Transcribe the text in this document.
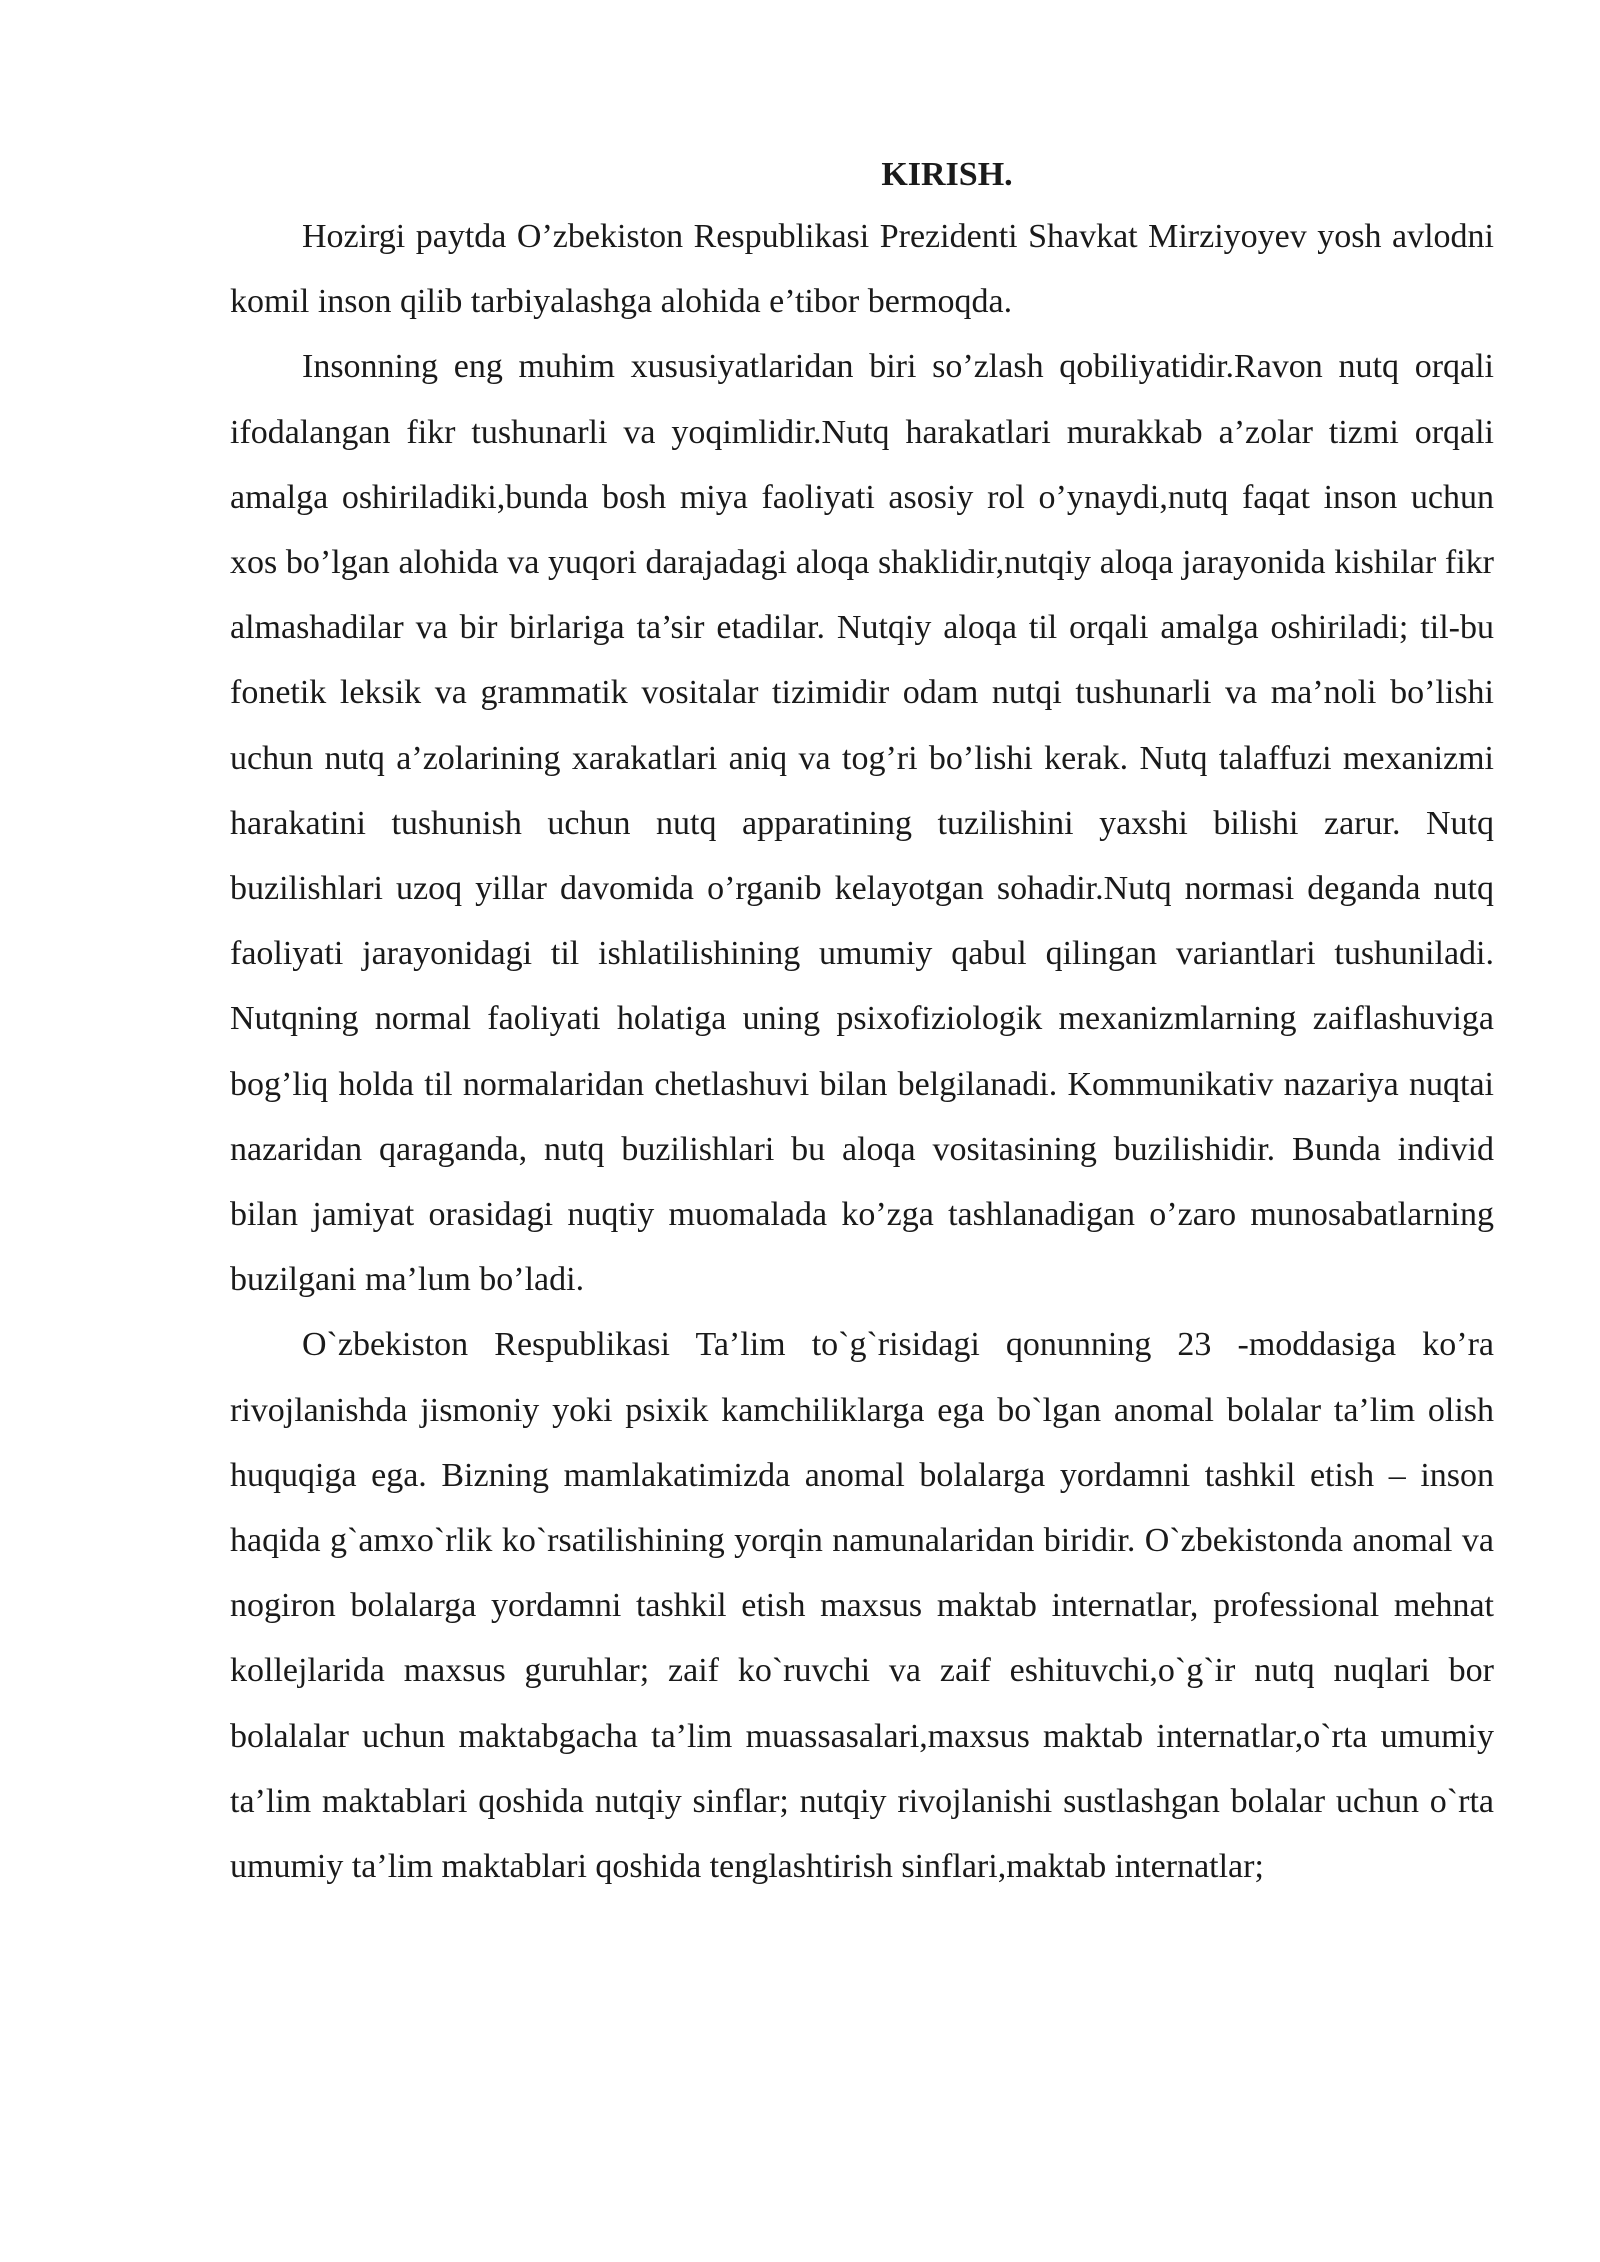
KIRISH.

Hozirgi paytda O’zbekiston Respublikasi Prezidenti Shavkat Mirziyoyev yosh avlodni komil inson qilib tarbiyalashga alohida e’tibor bermoqda.

Insonning eng muhim xususiyatlaridan biri so’zlash qobiliyatidir.Ravon nutq orqali ifodalangan fikr tushunarli va yoqimlidir.Nutq harakatlari murakkab a’zolar tizmi orqali amalga oshiriladiki,bunda bosh miya faoliyati asosiy rol o’ynaydi,nutq faqat inson uchun xos bo’lgan alohida va yuqori darajadagi aloqa shaklidir,nutqiy aloqa jarayonida kishilar fikr almashadilar va bir birlariga ta’sir etadilar. Nutqiy aloqa til orqali amalga oshiriladi; til-bu fonetik leksik va grammatik vositalar tizimidir odam nutqi tushunarli va ma’noli bo’lishi uchun nutq a’zolarining xarakatlari aniq va tog’ri bo’lishi kerak. Nutq talaffuzi mexanizmi harakatini tushunish uchun nutq apparatining tuzilishini yaxshi bilishi zarur. Nutq buzilishlari uzoq yillar davomida o’rganib kelayotgan sohadir.Nutq normasi deganda nutq faoliyati jarayonidagi til ishlatilishining umumiy qabul qilingan variantlari tushuniladi. Nutqning normal faoliyati holatiga uning psixofiziologik mexanizmlarning zaiflashuviga bog’liq holda til normalaridan chetlashuvi bilan belgilanadi. Kommunikativ nazariya nuqtai nazaridan qaraganda, nutq buzilishlari bu aloqa vositasining buzilishidir. Bunda individ bilan jamiyat orasidagi nuqtiy muomalada ko’zga tashlanadigan o’zaro munosabatlarning buzilgani ma’lum bo’ladi.

O`zbekiston Respublikasi Ta’lim to`g`risidagi qonunning 23 -moddasiga ko’ra rivojlanishda jismoniy yoki psixik kamchiliklarga ega bo`lgan anomal bolalar ta’lim olish huquqiga ega. Bizning mamlakatimizda anomal bolalarga yordamni tashkil etish – inson haqida g`amxo`rlik ko`rsatilishining yorqin namunalaridan biridir. O`zbekistonda anomal va nogiron bolalarga yordamni tashkil etish maxsus maktab internatlar, professional mehnat kollejlarida maxsus guruhlar; zaif ko`ruvchi va zaif eshituvchi,o`g`ir nutq nuqlari bor bolalalar uchun maktabgacha ta’lim muassasalari,maxsus maktab internatlar,o`rta umumiy ta’lim maktablari qoshida nutqiy sinflar; nutqiy rivojlanishi sustlashgan bolalar uchun o`rta umumiy ta’lim maktablari qoshida tenglashtirish sinflari,maktab internatlar;
